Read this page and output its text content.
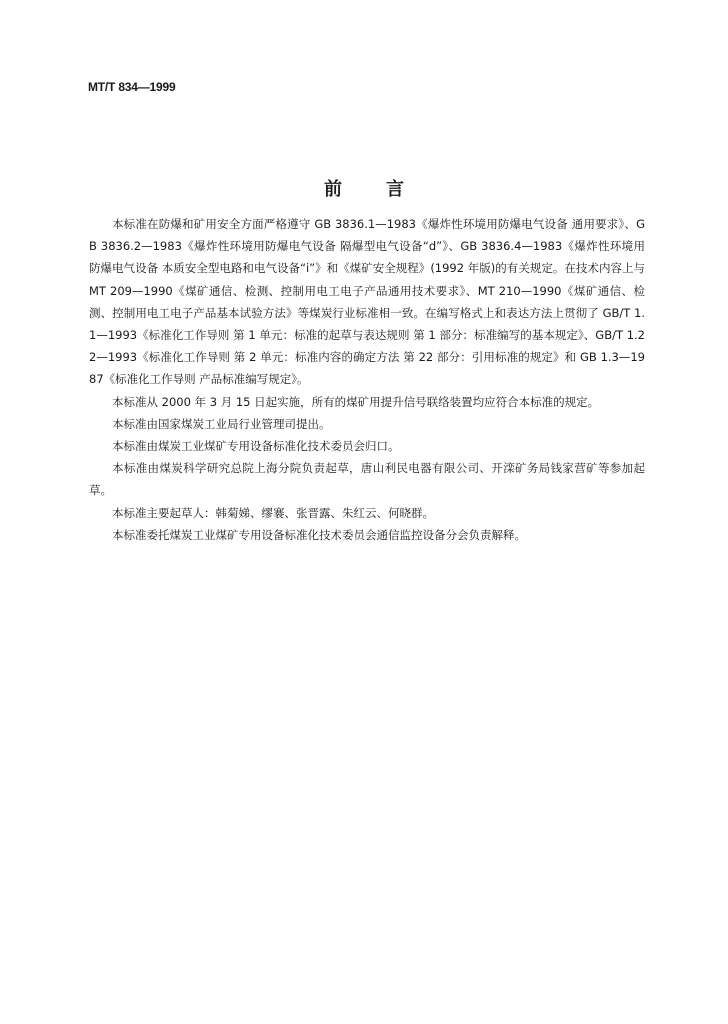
MT/T 834—1999
前言

本标准在防爆和矿用安全方面严格遵守 GB 3836.1—1983《爆炸性环境用防爆电气设备 通用要求》、GB 3836.2—1983《爆炸性环境用防爆电气设备 隔爆型电气设备“d”》、GB 3836.4—1983《爆炸性环境用防爆电气设备 本质安全型电路和电气设备“i”》和《煤矿安全规程》(1992 年版)的有关规定。在技术内容上与 MT 209—1990《煤矿通信、检测、控制用电工电子产品通用技术要求》、MT 210—1990《煤矿通信、检测、控制用电工电子产品基本试验方法》等煤炭行业标准相一致。在编写格式上和表达方法上贯彻了 GB/T 1.1—1993《标准化工作导则 第 1 单元：标准的起草与表达规则 第 1 部分：标准编写的基本规定》、GB/T 1.22—1993《标准化工作导则 第 2 单元：标准内容的确定方法 第 22 部分：引用标准的规定》和 GB 1.3—1987《标准化工作导则 产品标准编写规定》。

本标准从 2000 年 3 月 15 日起实施，所有的煤矿用提升信号联络装置均应符合本标准的规定。

本标准由国家煤炭工业局行业管理司提出。

本标准由煤炭工业煤矿专用设备标准化技术委员会归口。

本标准由煤炭科学研究总院上海分院负责起草，唐山利民电器有限公司、开滦矿务局钱家营矿等参加起草。

本标准主要起草人：韩菊娣、缪褰、张晋露、朱红云、何晓群。

本标准委托煤炭工业煤矿专用设备标准化技术委员会通信监控设备分会负责解释。
